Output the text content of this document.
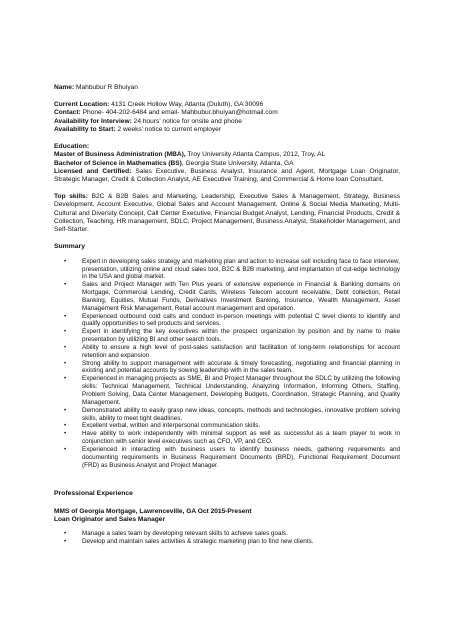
Name: Mahbubur R Bhuiyan
Current Location: 4131 Creek Hollow Way, Atlanta (Duluth), GA 30096
Contact: Phone- 404-202-6484 and email- Mahbubur.bhuiyan@hotmail.com
Availability for Interview: 24 hours' notice for onsite and phone
Availability to Start: 2 weeks' notice to current employer
Education:
Master of Business Administration (MBA), Troy University Atlanta Campus, 2012, Troy, AL
Bachelor of Science in Mathematics (BS), Georgia State University, Atlanta, GA
Licensed and Certified: Sales Executive, Business Analyst, Insurance and Agent, Mortgage Loan Originator, Strategic Manager, Credit & Collection Analyst, AE Executive Training, and Commercial & Home loan Consultant.
Top skills: B2C & B2B Sales and Marketing, Leadership, Executive Sales & Management, Strategy, Business Development, Account Executive, Global Sales and Account Management, Online & Social Media Marketing, Multi-Cultural and Diversity Concept, Call Center Executive, Financial Budget Analyst, Lending, Financial Products, Credit & Collection, Teaching, HR management, SDLC, Project Management, Business Analyst, Stakeholder Management, and Self-Starter.
Summary
• Expert in developing sales strategy and marketing plan and action to increase sell including face to face interview, presentation, utilizing online and cloud sales tool, B2C & B2B marketing, and implantation of cut-edge technology in the USA and global market.
• Sales and Project Manager with Ten Plus years of extensive experience in Financial & Banking domains on Mortgage, Commercial Lending, Credit Cards, Wireless Telecom account receivable, Debt collection, Retail Banking, Equities, Mutual Funds, Derivatives Investment Banking, Insurance, Wealth Management, Asset Management Risk Management, Retail account management and operation.
• Experienced outbound cold calls and conduct in-person meetings with potential C level clients to identify and qualify opportunities to sell products and services.
• Expert in identifying the key executives within the prospect organization by position and by name to make presentation by utilizing BI and other search tools.
• Ability to ensure a high level of post-sales satisfaction and facilitation of long-term relationships for account retention and expansion
• Strong ability to support management with accurate & timely forecasting, negotiating and financial planning in existing and potential accounts by sowing leadership with in the sales team.
• Experienced in managing projects as SME, BI and Project Manager throughout the SDLC by utilizing the following skills: Technical Management, Technical Understanding, Analyzing Information, Informing Others, Staffing, Problem Solving, Data Center Management, Developing Budgets, Coordination, Strategic Planning, and Quality Management.
• Demonstrated ability to easily grasp new ideas, concepts, methods and technologies, innovative problem solving skills, ability to meet tight deadlines.
• Excellent verbal, written and interpersonal communication skills.
• Have ability to work independently with minimal support as well as successful as a team player to work in conjunction with senior level executives such as CFO, VP, and CEO.
• Experienced in interacting with business users to identify business needs, gathering requirements and documenting requirements in Business Requirement Documents (BRD), Functional Requirement Document (FRD) as Business Analyst and Project Manager.
Professional Experience
MMS of Georgia Mortgage, Lawrenceville, GA Oct 2015-Present
Loan Originator and Sales Manager
• Manage a sales team by developing relevant skills to achieve sales goals.
• Develop and maintain sales activities & strategic marketing plan to find new clients.
